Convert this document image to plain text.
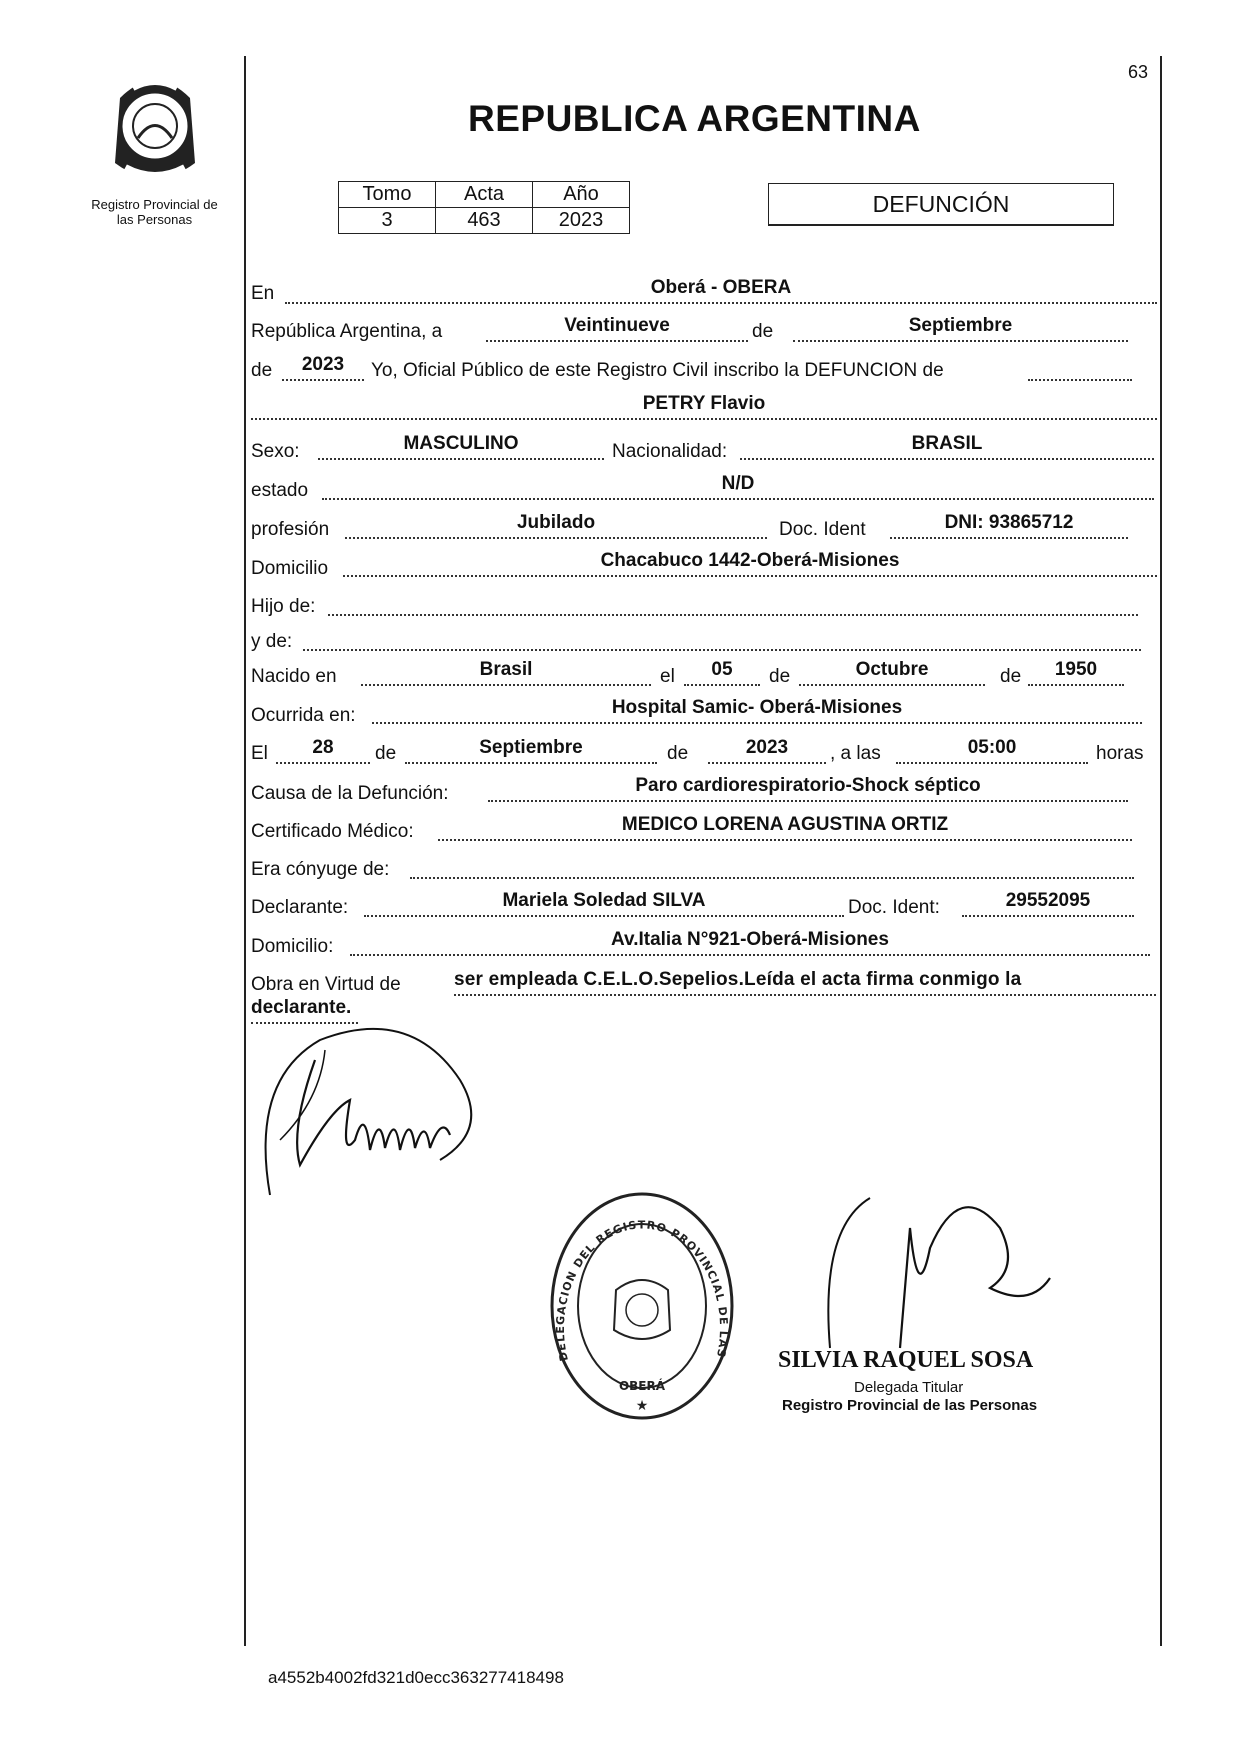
63
Registro Provincial de
las Personas
REPUBLICA ARGENTINA
Tomo	Acta	Año
3	463	2023
DEFUNCIÓN
En	Oberá - OBERA
República Argentina, a	Veintinueve	de	Septiembre
de	2023	Yo, Oficial Público de este Registro Civil inscribo la DEFUNCION de
PETRY Flavio
Sexo:	MASCULINO	Nacionalidad:	BRASIL
estado	N/D
profesión	Jubilado	Doc. Ident	DNI: 93865712
Domicilio	Chacabuco 1442-Oberá-Misiones
Hijo de:
y de:
Nacido en	Brasil	el	05	de	Octubre	de	1950
Ocurrida en:	Hospital Samic- Oberá-Misiones
El	28	de	Septiembre	de	2023	, a las	05:00	horas
Causa de la Defunción:	Paro cardiorespiratorio-Shock séptico
Certificado Médico:	MEDICO LORENA AGUSTINA ORTIZ
Era cónyuge de:
Declarante:	Mariela Soledad SILVA	Doc. Ident:	29552095
Domicilio:	Av.Italia N°921-Oberá-Misiones
Obra en Virtud de	ser empleada C.E.L.O.Sepelios.Leída el acta firma conmigo la
declarante.
DELEGACION DEL REGISTRO PROVINCIAL DE LAS
OBERÁ
★
SILVIA RAQUEL SOSA
Delegada Titular
Registro Provincial de las Personas
a4552b4002fd321d0ecc363277418498
